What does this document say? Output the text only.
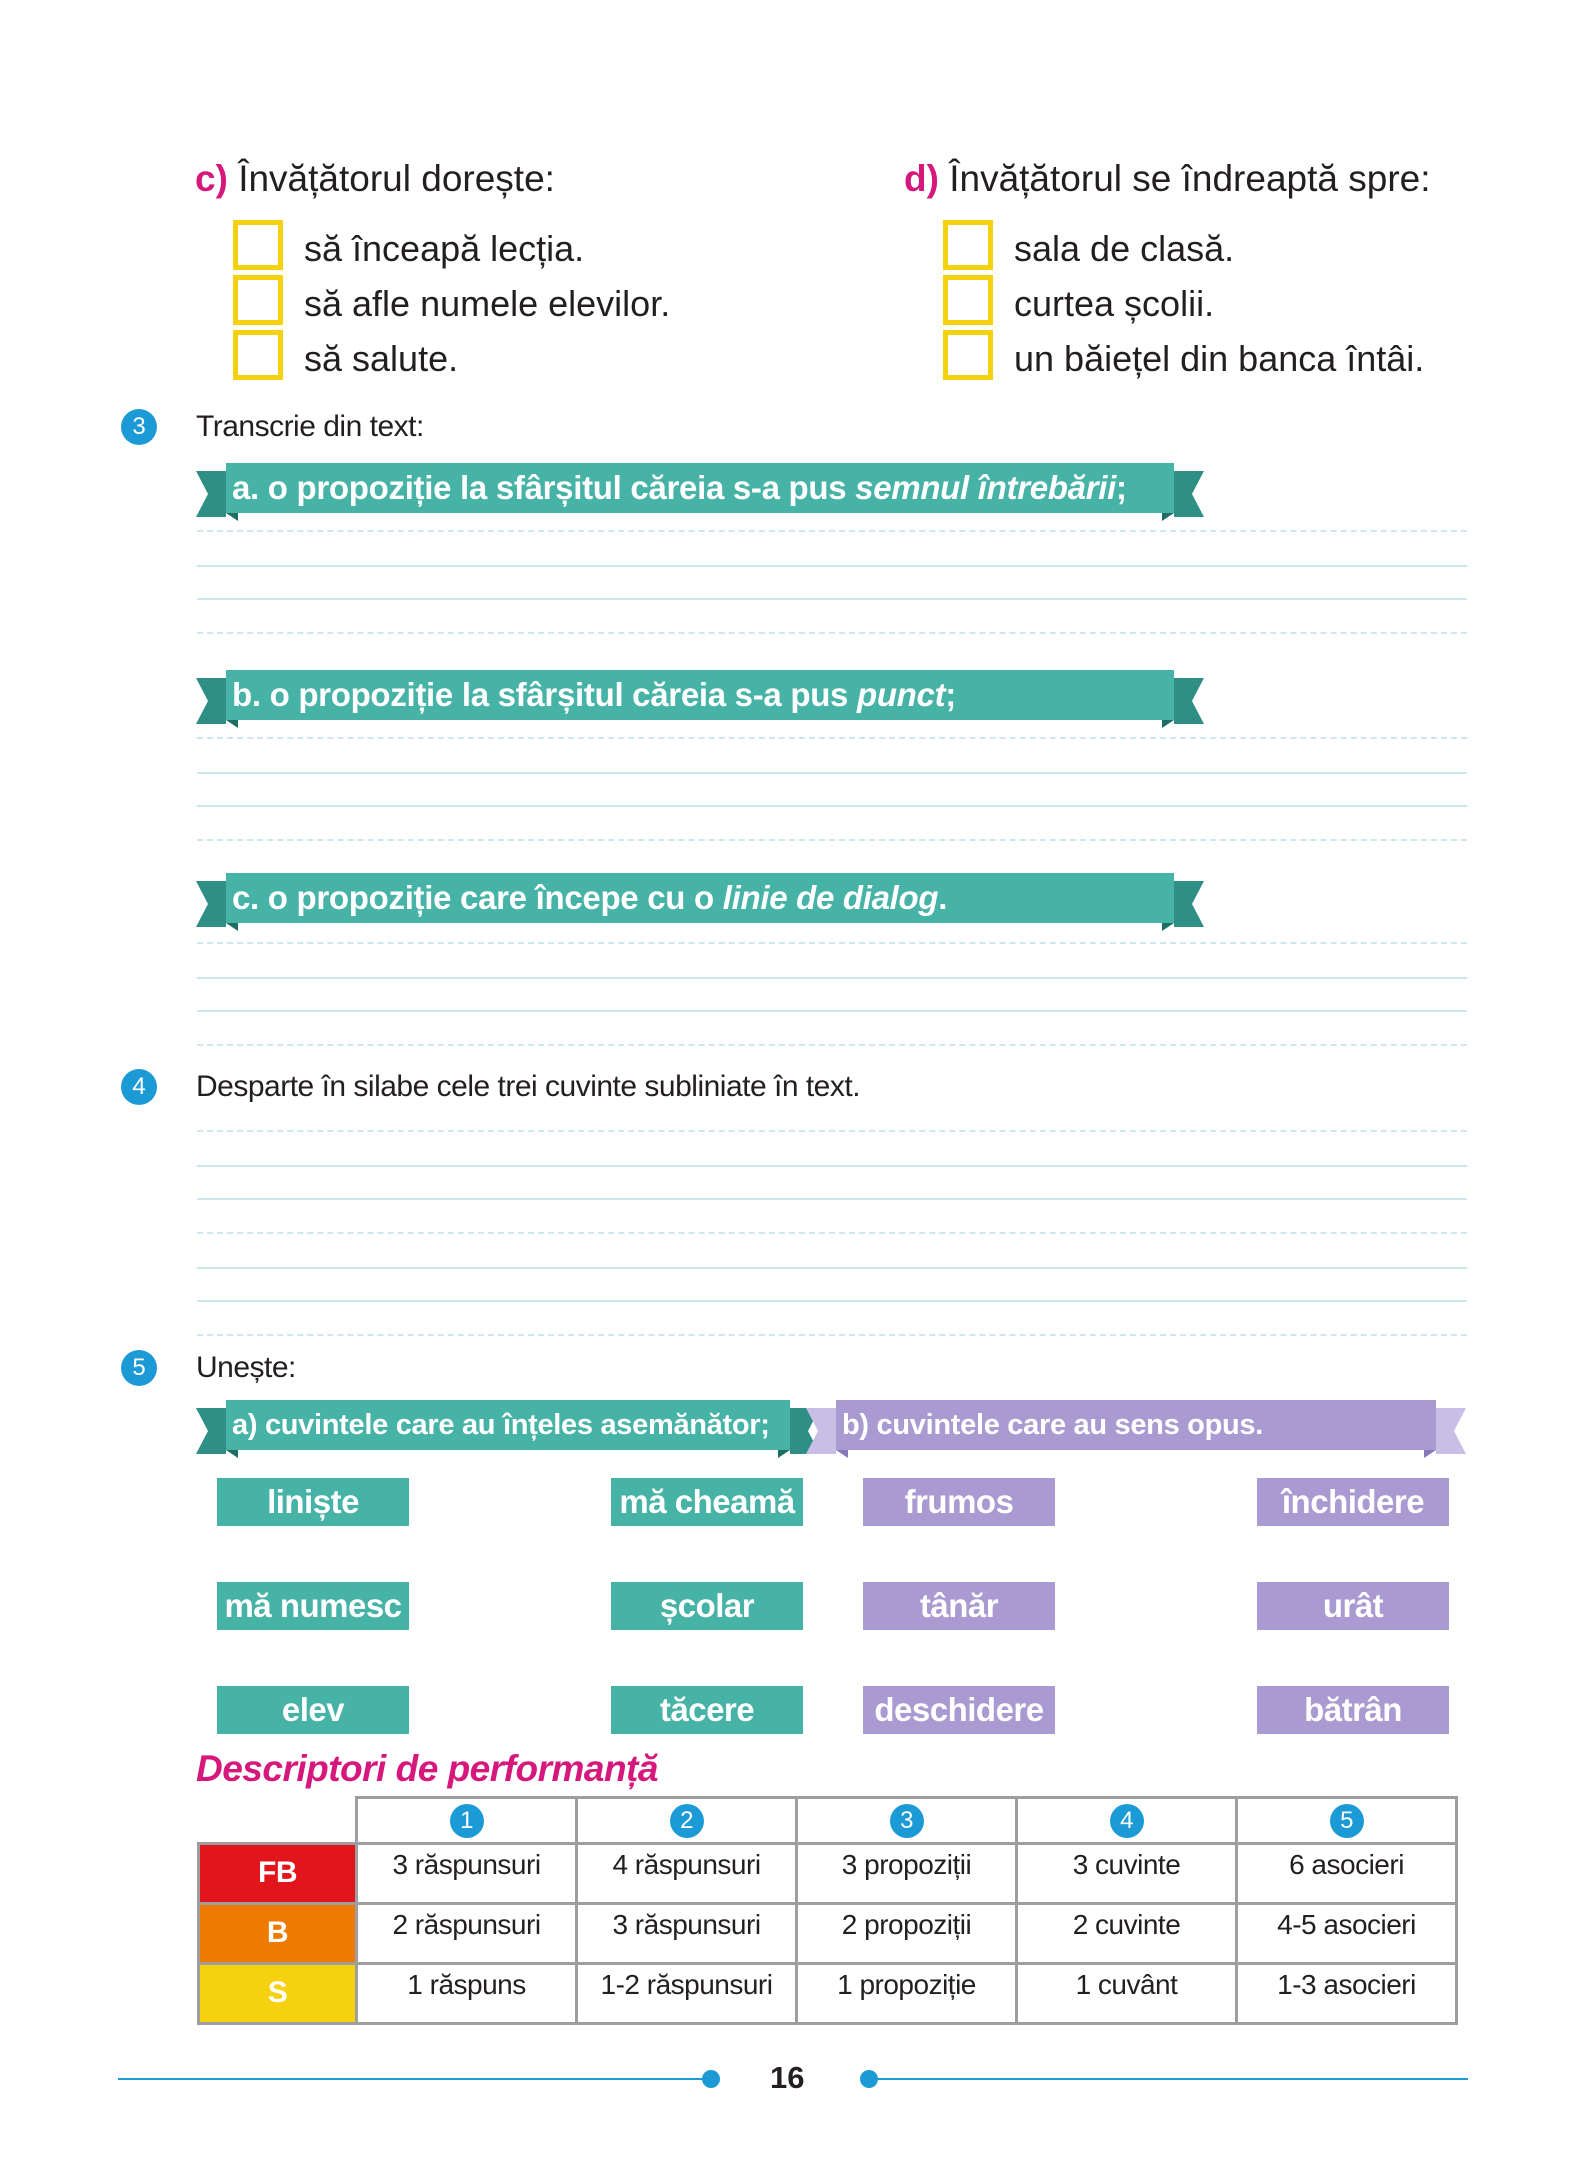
c) Învățătorul dorește:
să înceapă lecția.
să afle numele elevilor.
să salute.
d) Învățătorul se îndreaptă spre:
sala de clasă.
curtea școlii.
un băiețel din banca întâi.
3	Transcrie din text:
a. o propoziție la sfârșitul căreia s-a pus semnul întrebării;
b. o propoziție la sfârșitul căreia s-a pus punct;
c. o propoziție care începe cu o linie de dialog.
4	Desparte în silabe cele trei cuvinte subliniate în text.
5	Unește:
a) cuvintele care au înțeles asemănător;	b) cuvintele care au sens opus.
liniște	mă cheamă	frumos	închidere
mă numesc	școlar	tânăr	urât
elev	tăcere	deschidere	bătrân
Descriptori de performanță
	1	2	3	4	5
FB	3 răspunsuri	4 răspunsuri	3 propoziții	3 cuvinte	6 asocieri
B	2 răspunsuri	3 răspunsuri	2 propoziții	2 cuvinte	4-5 asocieri
S	1 răspuns	1-2 răspunsuri	1 propoziție	1 cuvânt	1-3 asocieri
16
